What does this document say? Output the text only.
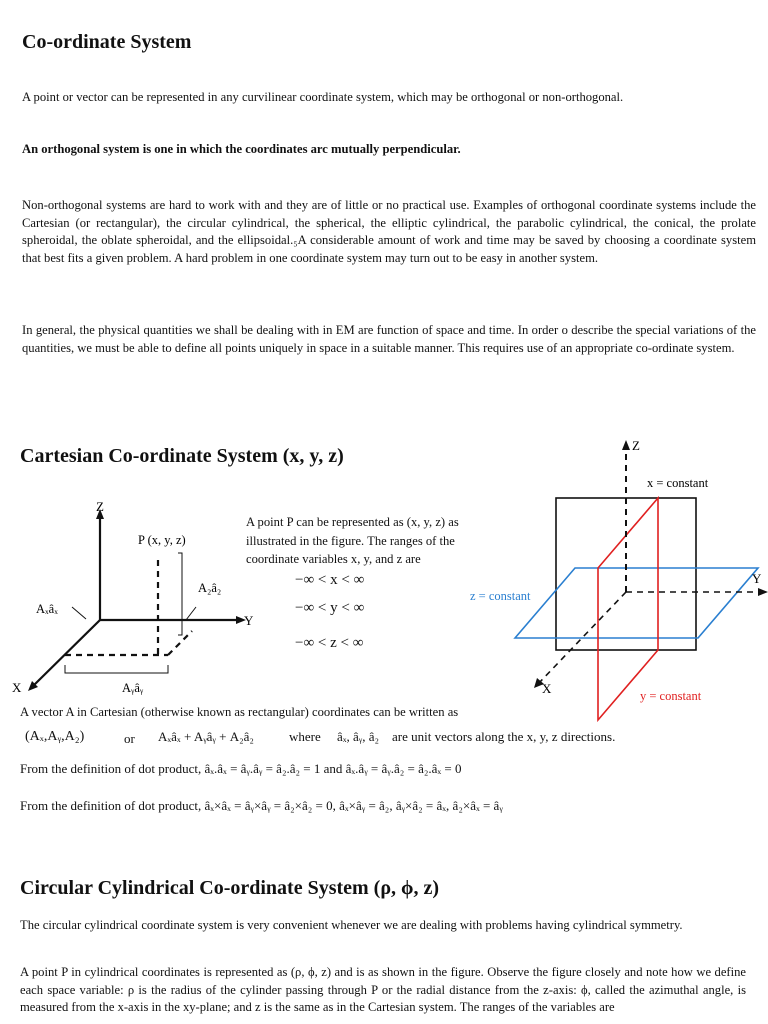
Co-ordinate System
A point or vector can be represented in any curvilinear coordinate system, which may be orthogonal or non-orthogonal.
An orthogonal system is one in which the coordinates arc mutually perpendicular.
Non-orthogonal systems are hard to work with and they are of little or no practical use. Examples of orthogonal coordinate systems include the Cartesian (or rectangular), the circular cylindrical, the spherical, the elliptic cylindrical, the parabolic cylindrical, the conical, the prolate spheroidal, the oblate spheroidal, and the ellipsoidal.₅A considerable amount of work and time may be saved by choosing a coordinate system that best fits a given problem. A hard problem in one coordinate system may turn out to be easy in another system.
In general, the physical quantities we shall be dealing with in EM are function of space and time. In order o describe the special variations of the quantities, we must be able to define all points uniquely in space in a suitable manner. This requires use of an appropriate co-ordinate system.
Cartesian Co-ordinate System (x, y, z)
Z
Y
X
P (x, y, z)
A₂â₂
Aₓâₓ
Aᵧâᵧ
A point P can be represented as (x, y, z) as
illustrated in the figure. The ranges of the
coordinate variables x, y, and z are
−∞ < x < ∞
−∞ < y < ∞
−∞ < z < ∞
Z
Y
X
x = constant
z = constant
y = constant
A vector A in Cartesian (otherwise known as rectangular) coordinates can be written as
(Aₓ,Aᵧ,A₂)	or Aₓâₓ + Aᵧâᵧ + A₂â₂	where âₓ, âᵧ, â₂ are unit vectors along the x, y, z directions.
From the definition of dot product, âₓ.âₓ = âᵧ.âᵧ = â₂.â₂ = 1 and âₓ.âᵧ = âᵧ.â₂ = â₂.âₓ = 0
From the definition of dot product, âₓ×âₓ = âᵧ×âᵧ = â₂×â₂ = 0, âₓ×âᵧ = â₂, âᵧ×â₂ = âₓ, â₂×âₓ = âᵧ
Circular Cylindrical Co-ordinate System (ρ, ϕ, z)
The circular cylindrical coordinate system is very convenient whenever we are dealing with problems having cylindrical symmetry.
A point P in cylindrical coordinates is represented as (ρ, ϕ, z) and is as shown in the figure. Observe the figure closely and note how we define each space variable: ρ is the radius of the cylinder passing through P or the radial distance from the z-axis: ϕ, called the azimuthal angle, is measured from the x-axis in the xy-plane; and z is the same as in the Cartesian system. The ranges of the variables are
